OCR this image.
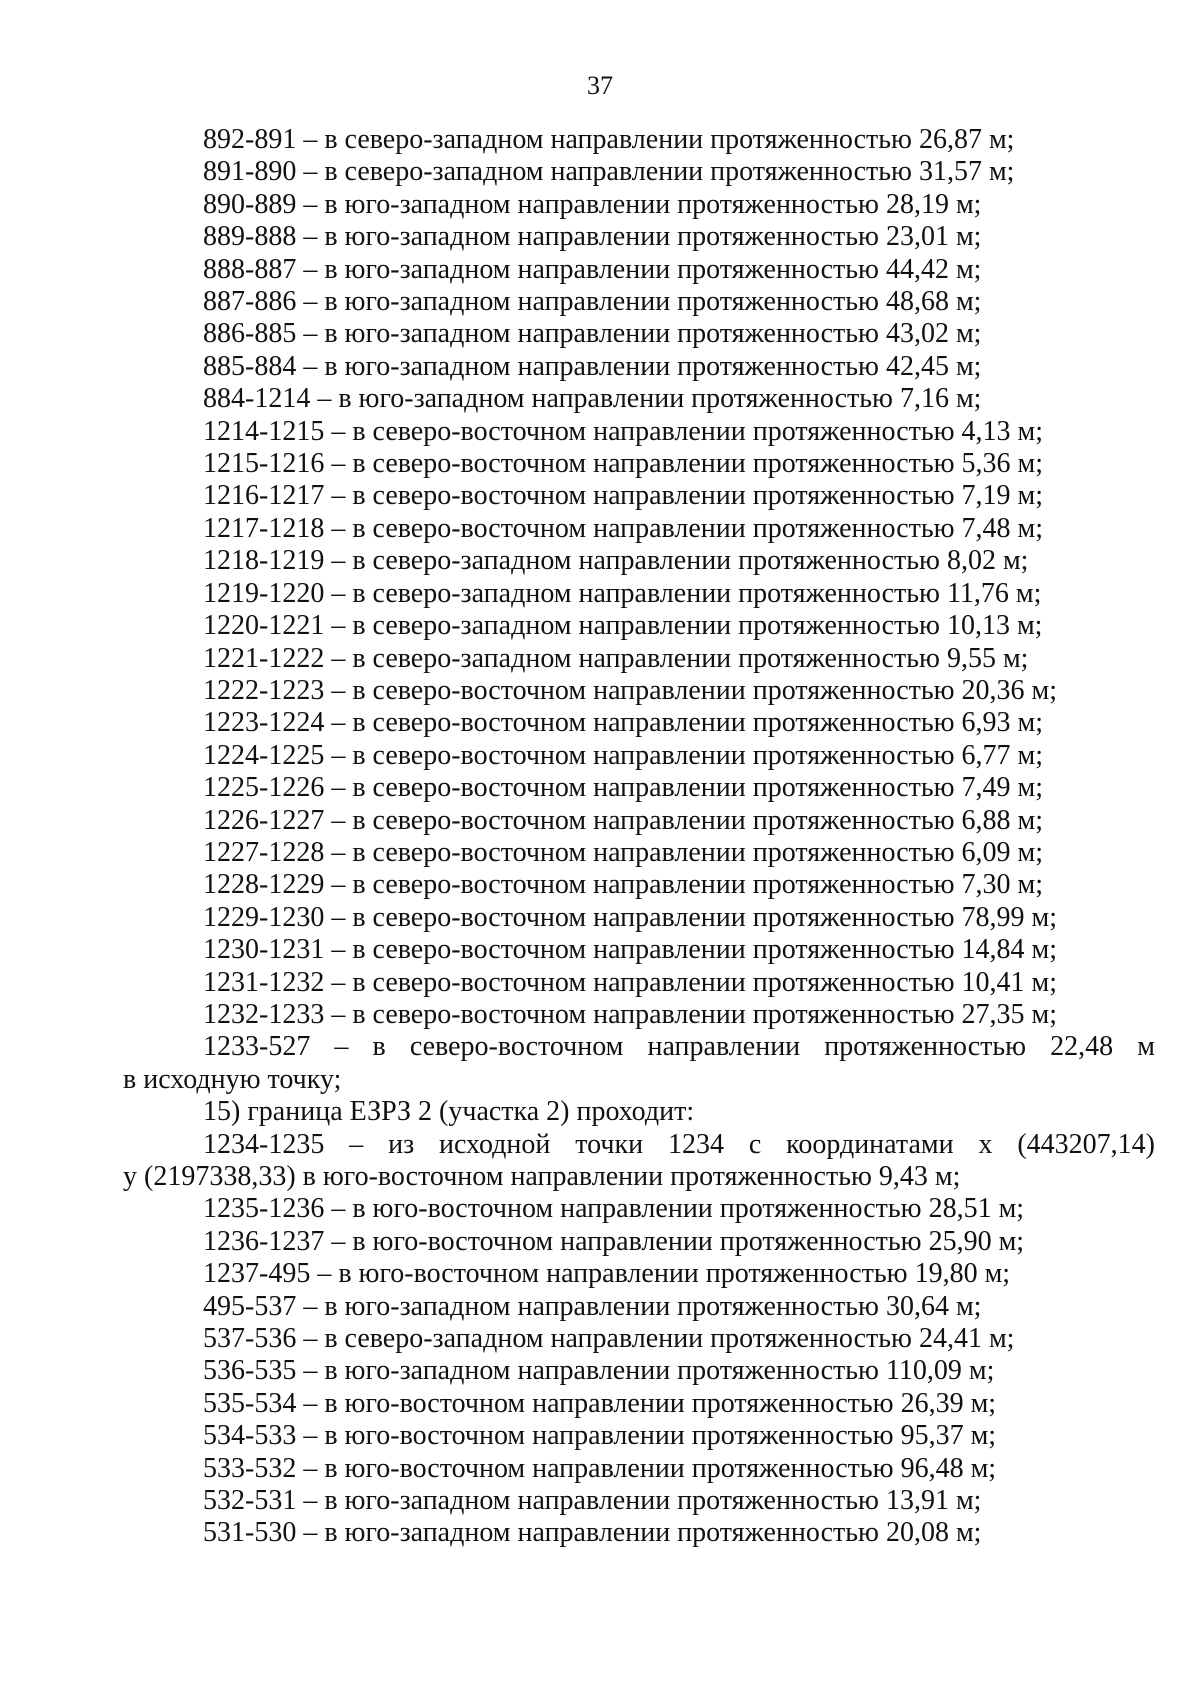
37
892-891 – в северо-западном направлении протяженностью 26,87 м;
891-890 – в северо-западном направлении протяженностью 31,57 м;
890-889 – в юго-западном направлении протяженностью 28,19 м;
889-888 – в юго-западном направлении протяженностью 23,01 м;
888-887 – в юго-западном направлении протяженностью 44,42 м;
887-886 – в юго-западном направлении протяженностью 48,68 м;
886-885 – в юго-западном направлении протяженностью 43,02 м;
885-884 – в юго-западном направлении протяженностью 42,45 м;
884-1214 – в юго-западном направлении протяженностью 7,16 м;
1214-1215 – в северо-восточном направлении протяженностью 4,13 м;
1215-1216 – в северо-восточном направлении протяженностью 5,36 м;
1216-1217 – в северо-восточном направлении протяженностью 7,19 м;
1217-1218 – в северо-восточном направлении протяженностью 7,48 м;
1218-1219 – в северо-западном направлении протяженностью 8,02 м;
1219-1220 – в северо-западном направлении протяженностью 11,76 м;
1220-1221 – в северо-западном направлении протяженностью 10,13 м;
1221-1222 – в северо-западном направлении протяженностью 9,55 м;
1222-1223 – в северо-восточном направлении протяженностью 20,36 м;
1223-1224 – в северо-восточном направлении протяженностью 6,93 м;
1224-1225 – в северо-восточном направлении протяженностью 6,77 м;
1225-1226 – в северо-восточном направлении протяженностью 7,49 м;
1226-1227 – в северо-восточном направлении протяженностью 6,88 м;
1227-1228 – в северо-восточном направлении протяженностью 6,09 м;
1228-1229 – в северо-восточном направлении протяженностью 7,30 м;
1229-1230 – в северо-восточном направлении протяженностью 78,99 м;
1230-1231 – в северо-восточном направлении протяженностью 14,84 м;
1231-1232 – в северо-восточном направлении протяженностью 10,41 м;
1232-1233 – в северо-восточном направлении протяженностью 27,35 м;
1233-527 – в северо-восточном направлении протяженностью 22,48 м
в исходную точку;
15) граница ЕЗРЗ 2 (участка 2) проходит:
1234-1235 – из исходной точки 1234 с координатами х (443207,14)
у (2197338,33) в юго-восточном направлении протяженностью 9,43 м;
1235-1236 – в юго-восточном направлении протяженностью 28,51 м;
1236-1237 – в юго-восточном направлении протяженностью 25,90 м;
1237-495 – в юго-восточном направлении протяженностью 19,80 м;
495-537 – в юго-западном направлении протяженностью 30,64 м;
537-536 – в северо-западном направлении протяженностью 24,41 м;
536-535 – в юго-западном направлении протяженностью 110,09 м;
535-534 – в юго-восточном направлении протяженностью 26,39 м;
534-533 – в юго-восточном направлении протяженностью 95,37 м;
533-532 – в юго-восточном направлении протяженностью 96,48 м;
532-531 – в юго-западном направлении протяженностью 13,91 м;
531-530 – в юго-западном направлении протяженностью 20,08 м;
